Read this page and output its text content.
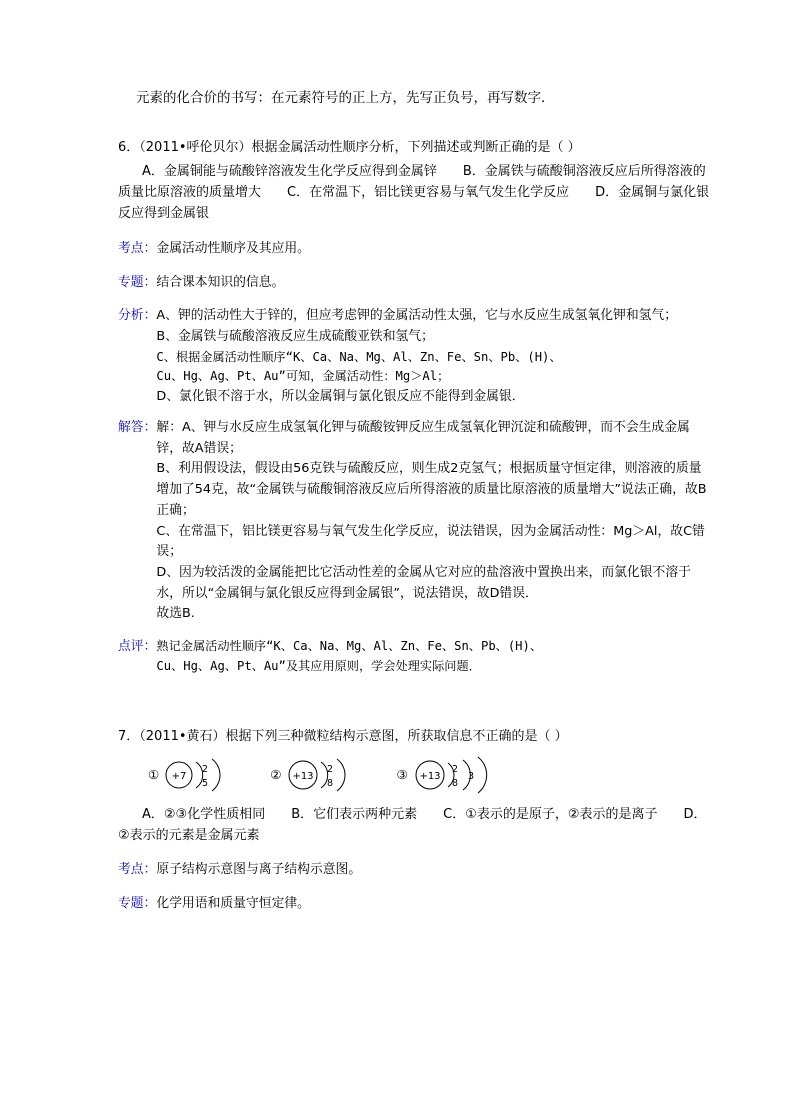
元素的化合价的书写：在元素符号的正上方，先写正负号，再写数字．
6．（2011•呼伦贝尔）根据金属活动性顺序分析，下列描述或判断正确的是（ ）
A．金属铜能与硫酸锌溶液发生化学反应得到金属锌　　B．金属铁与硫酸铜溶液反应后所得溶液的质量比原溶液的质量增大　　C．在常温下，铝比镁更容易与氧气发生化学反应　　D．金属铜与氯化银反应得到金属银
考点： 金属活动性顺序及其应用。
专题： 结合课本知识的信息。
分析： A、钾的活动性大于锌的，但应考虑钾的金属活动性太强，它与水反应生成氢氧化钾和氢气；
B、金属铁与硫酸溶液反应生成硫酸亚铁和氢气；
C、根据金属活动性顺序“K、Ca、Na、Mg、Al、Zn、Fe、Sn、Pb、(H)、
Cu、Hg、Ag、Pt、Au”可知，金属活动性：Mg＞Al；
D、氯化银不溶于水，所以金属铜与氯化银反应不能得到金属银．
解答： 解：A、钾与水反应生成氢氧化钾与硫酸铵钾反应生成氢氧化钾沉淀和硫酸钾，而不会生成金属锌，故A错误；
B、利用假设法，假设由56克铁与硫酸反应，则生成2克氢气；根据质量守恒定律，则溶液的质量增加了54克，故“金属铁与硫酸铜溶液反应后所得溶液的质量比原溶液的质量增大”说法正确，故B正确；
C、在常温下，铝比镁更容易与氧气发生化学反应，说法错误，因为金属活动性：Mg＞Al，故C错误；
D、因为较活泼的金属能把比它活动性差的金属从它对应的盐溶液中置换出来，而氯化银不溶于水，所以“金属铜与氯化银反应得到金属银”，说法错误，故D错误．
故选B.
点评： 熟记金属活动性顺序“K、Ca、Na、Mg、Al、Zn、Fe、Sn、Pb、(H)、
Cu、Hg、Ag、Pt、Au”及其应用原则，学会处理实际问题．
7．（2011•黄石）根据下列三种微粒结构示意图，所获取信息不正确的是（ ）
① +7
2
5
② +13
2
8
③ +13
2
8
3
A．②③化学性质相同　　B．它们表示两种元素　　C．①表示的是原子，②表示的是离子　　D．②表示的元素是金属元素
考点： 原子结构示意图与离子结构示意图。
专题： 化学用语和质量守恒定律。
